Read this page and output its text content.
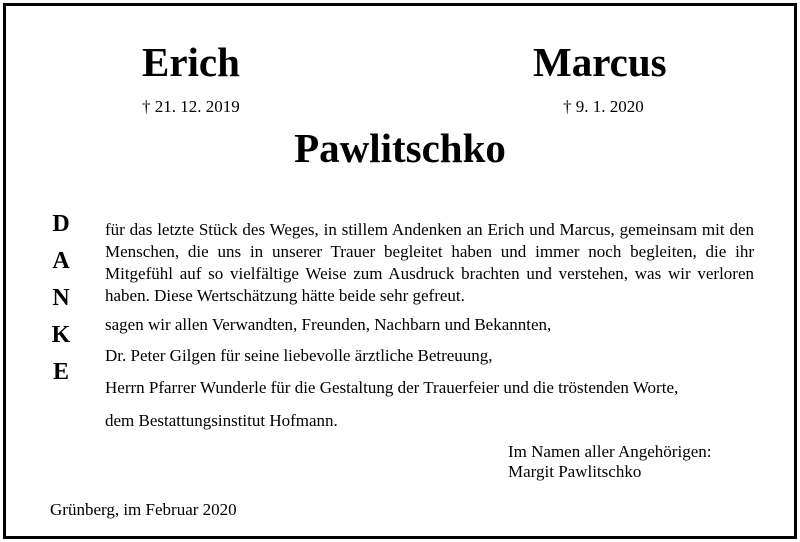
Erich	Marcus
† 21. 12. 2019	† 9. 1. 2020
Pawlitschko
D
A
N
K
E

für das letzte Stück des Weges, in stillem Andenken an Erich und Marcus, gemeinsam mit den Menschen, die uns in unserer Trauer begleitet haben und immer noch begleiten, die ihr Mitgefühl auf so vielfältige Weise zum Ausdruck brachten und verstehen, was wir verloren haben. Diese Wertschätzung hätte beide sehr gefreut.

sagen wir allen Verwandten, Freunden, Nachbarn und Bekannten,

Dr. Peter Gilgen für seine liebevolle ärztliche Betreuung,

Herrn Pfarrer Wunderle für die Gestaltung der Trauerfeier und die tröstenden Worte,

dem Bestattungsinstitut Hofmann.

Im Namen aller Angehörigen:
Margit Pawlitschko
Grünberg, im Februar 2020
